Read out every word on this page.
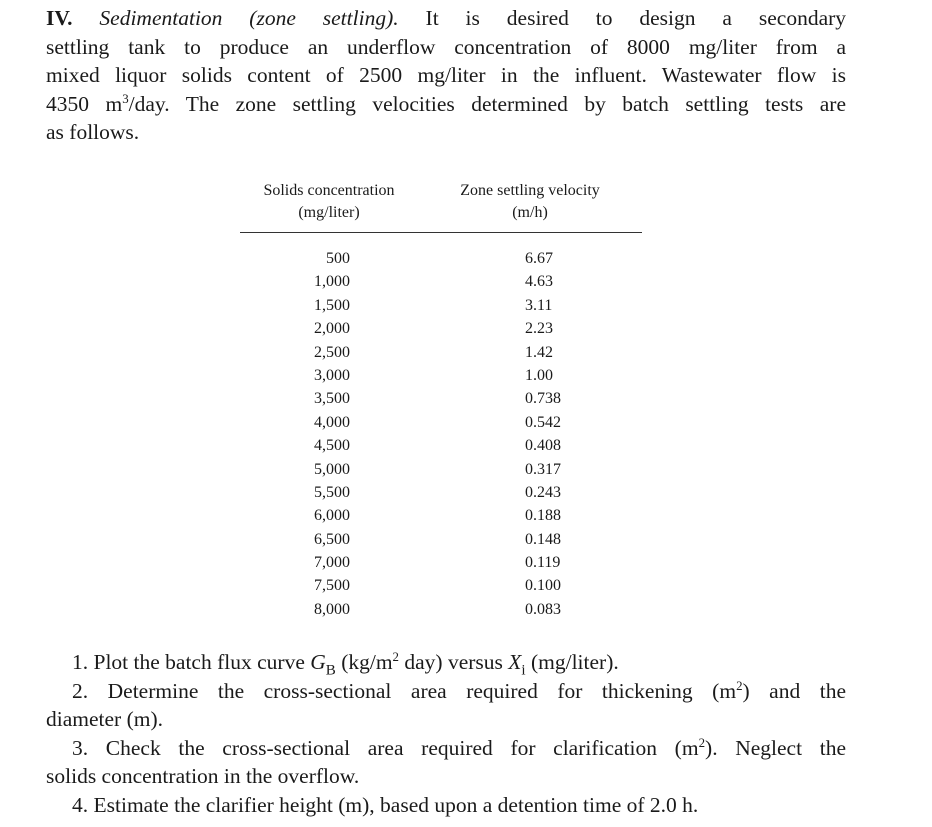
IV. Sedimentation (zone settling). It is desired to design a secondary
settling tank to produce an underflow concentration of 8000 mg/liter from a
mixed liquor solids content of 2500 mg/liter in the influent. Wastewater flow is
4350 $m^3$/day. The zone settling velocities determined by batch settling tests are
as follows.
Solids concentration
(mg/liter)
Zone settling velocity
(m/h)
500	6.67
1,000	4.63
1,500	3.11
2,000	2.23
2,500	1.42
3,000	1.00
3,500	0.738
4,000	0.542
4,500	0.408
5,000	0.317
5,500	0.243
6,000	0.188
6,500	0.148
7,000	0.119
7,500	0.100
8,000	0.083
1. Plot the batch flux curve $G_B$ ($kg/m^2$ day) versus $X_i$ (mg/liter).
2. Determine the cross-sectional area required for thickening $(m^2)$ and the
diameter (m).
3. Check the cross-sectional area required for clarification $(m^2)$. Neglect the
solids concentration in the overflow.
4. Estimate the clarifier height (m), based upon a detention time of 2.0 h.
